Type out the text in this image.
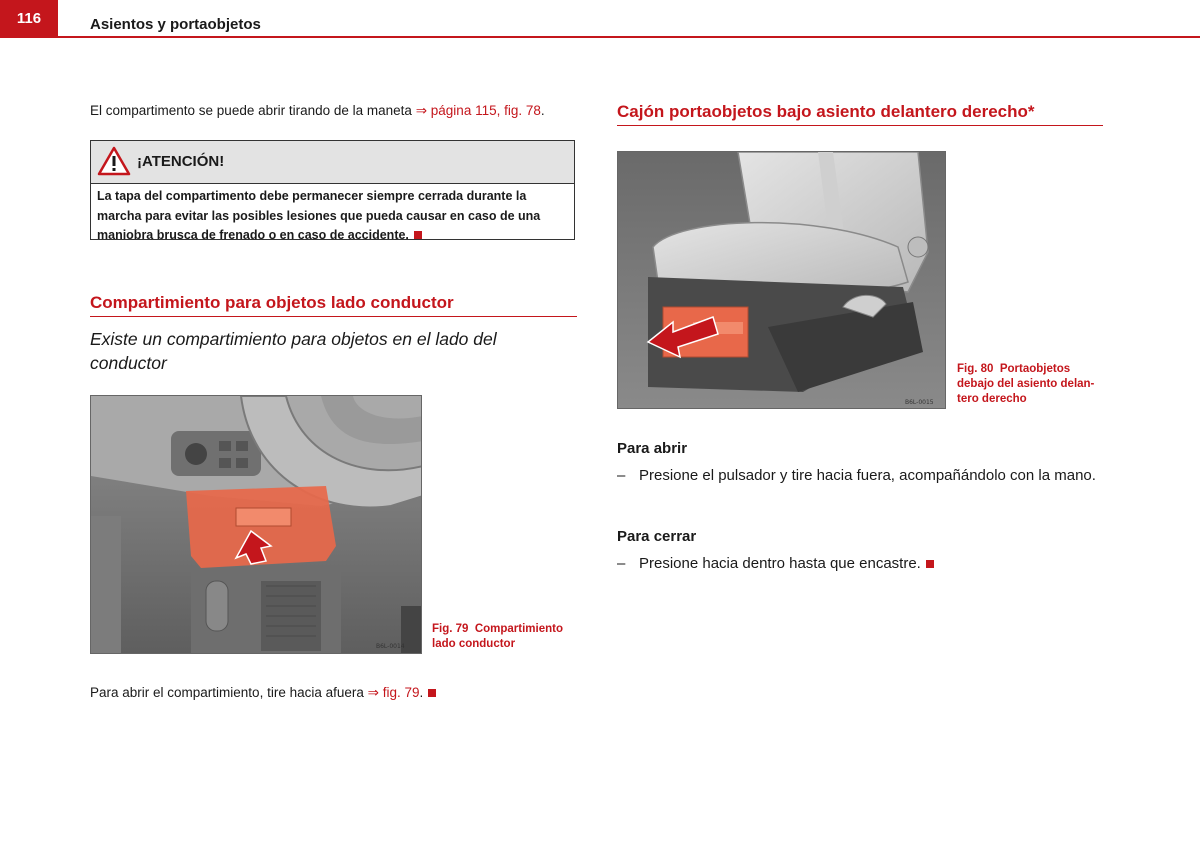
116	Asientos y portaobjetos
El compartimento se puede abrir tirando de la maneta ⇒ página 115, fig. 78.
¡ATENCIÓN!
La tapa del compartimento debe permanecer siempre cerrada durante la marcha para evitar las posibles lesiones que pueda causar en caso de una maniobra brusca de frenado o en caso de accidente.
Compartimiento para objetos lado conductor
Existe un compartimiento para objetos en el lado del conductor
B6L-0014
Fig. 79 Compartimiento lado conductor
Para abrir el compartimiento, tire hacia afuera ⇒ fig. 79.
Cajón portaobjetos bajo asiento delantero derecho*
B6L-0015
Fig. 80 Portaobjetos debajo del asiento delan-tero derecho
Para abrir
– Presione el pulsador y tire hacia fuera, acompañándolo con la mano.
Para cerrar
– Presione hacia dentro hasta que encastre.
